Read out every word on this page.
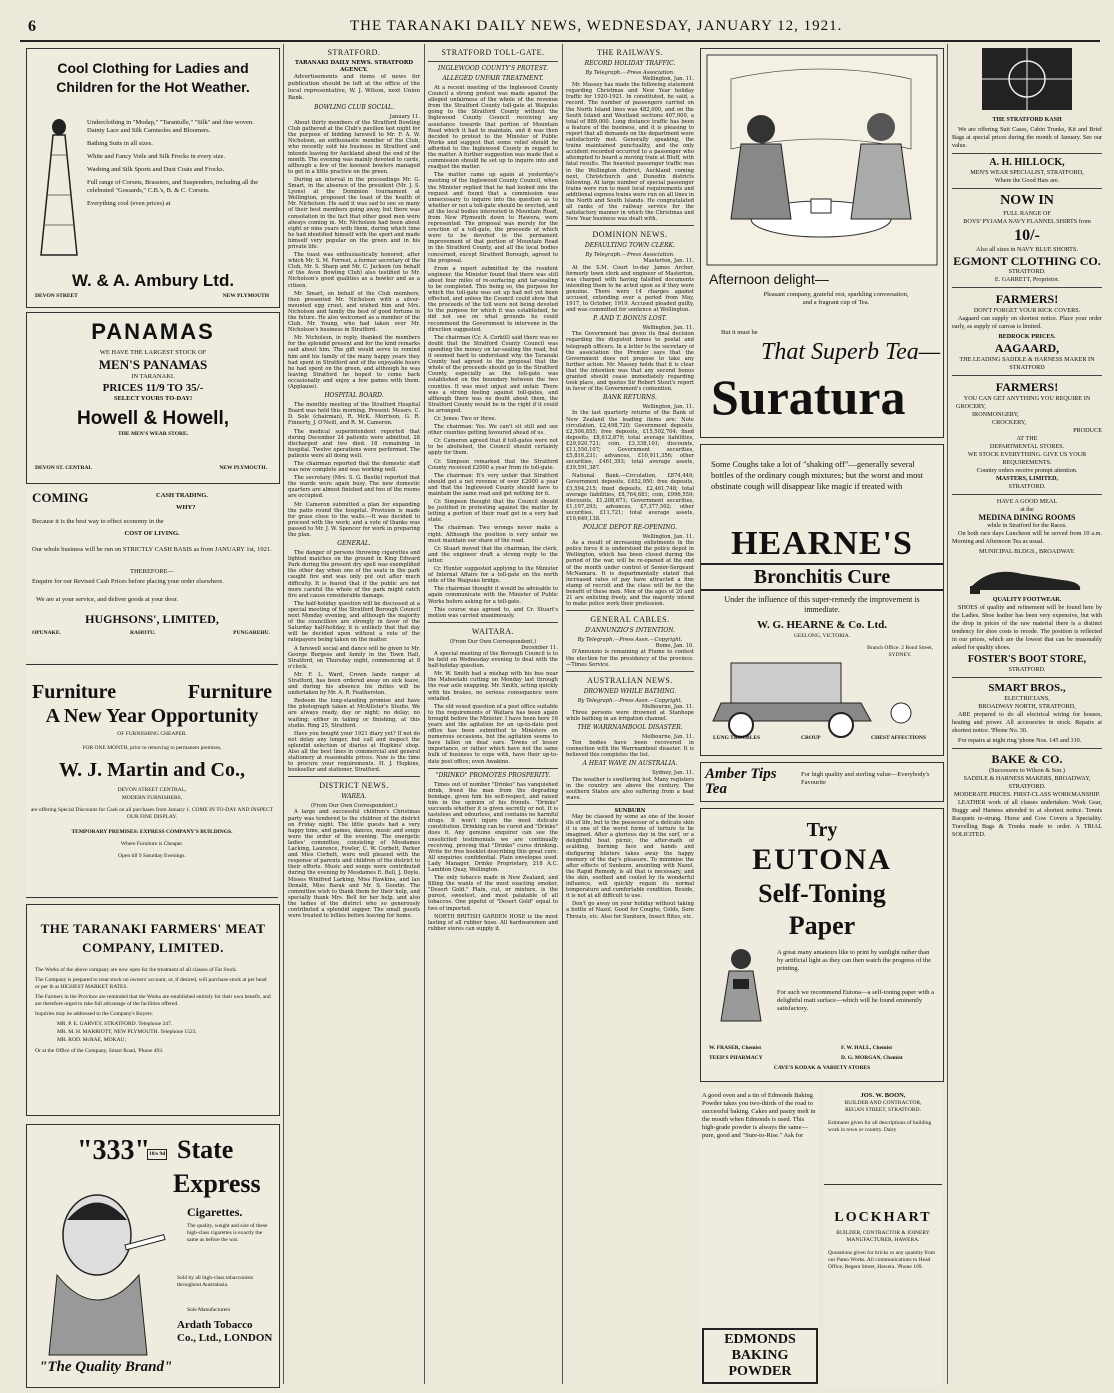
6	THE TARANAKI DAILY NEWS, WEDNESDAY, JANUARY 12, 1921.
Cool Clothing for Ladies and Children for the Hot Weather.

Underclothing in "Modap," "Tarantulle," "Silk" and fine woven. Dainty Lace and Silk Camisoles and Bloomers.

Bathing Suits in all sizes.

White and Fancy Voile and Silk Frocks in every size.

Washing and Silk Sports and Dust Coats and Frocks.

Full range of Corsets, Brassiers, and Suspenders, including all the celebrated "Gossards," C.B.'s, B. & C. Corsets.

Everything cool (even prices) at

W. & A. Ambury Ltd.
DEVON STREET	NEW PLYMOUTH
PANAMAS
WE HAVE THE LARGEST STOCK OF
MEN'S PANAMAS
IN TARANAKI.
PRICES 11/9 TO 35/-
SELECT YOURS TO-DAY!
Howell & Howell,
THE MEN'S WEAR STORE.
DEVON ST. CENTRAL	NEW PLYMOUTH.
COMING	CASH TRADING.
WHY?
Because it is the best way to effect economy in the
COST OF LIVING.
Our whole business will be run on STRICTLY CASH BASIS as from JANUARY 1st, 1921.
THEREFORE—
Enquire for our Revised Cash Prices before placing your order elsewhere.
We are at your service, and deliver goods at your door.
HUGHSONS', LIMITED,
OPUNAKE.	RAHOTU.	PUNGAREHU.
Furniture	Furniture
A New Year Opportunity
OF FURNISHING CHEAPER.
FOR ONE MONTH, prior to removing to permanent premises,
W. J. Martin and Co.,
DEVON STREET CENTRAL,
MODERN FURNISHERS,
are offering Special Discounts for Cash on all purchases from January 1. COME IN TO-DAY AND INSPECT OUR FINE DISPLAY.
TEMPORARY PREMISES: EXPRESS COMPANY'S BUILDINGS.
Where Furniture is Cheaper.
Open till 9 Saturday Evenings.
THE TARANAKI FARMERS' MEAT COMPANY, LIMITED.
The Works of the above company are now open for the treatment of all classes of Fat Stock.
The Company is prepared to treat stock on owners' account, or, if desired, will purchase stock at per head or per lb at HIGHEST MARKET RATES.
The Farmers in the Province are reminded that the Works are established entirely for their own benefit, and are therefore urged to take full advantage of the facilities offered.
Inquiries may be addressed to the Company's Buyers.
MR. P. E. GARVEY, STRATFORD. Telephone 247.
MR. M. H. MARRIOTT, NEW PLYMOUTH. Telephone 1523.
MR. ROD. McRAE, MOKAU;
Or at the Office of the Company, Smart Road, 'Phone 493.
"333"
10/s 9d State
Express
Cigarettes.
The quality, weight and size of these high-class cigarettes is exactly the same as before the war.
Sold by all high-class tobacconists throughout Australasia.
Sole Manufacturers
Ardath Tobacco Co., Ltd., LONDON
"The Quality Brand"
STRATFORD.
TARANAKI DAILY NEWS. STRATFORD AGENCY.

Advertisements and items of news for publication should be left at the office of the local representative, W. J. Wilson, next Union Bank.

BOWLING CLUB SOCIAL.
January 11.

About thirty members of the Stratford Bowling Club gathered at the Club's pavilion last night for the purpose of bidding farewell to Mr. F. A. W. Nicholson, an enthusiastic member of the Club, who recently sold his business in Stratford and intends leaving for Auckland about the end of the month. The evening was mainly devoted to cards, although a few of the keenest bowlers managed to get in a little practice on the green.

During an interval in the proceedings Mr. G. Smart, in the absence of the president (Mr. J. S. Lyons) at the Dominion tournament at Wellington, proposed the toast of the health of Mr. Nicholson. He said it was sad to see so many of their best members going away, but there was consolation in the fact that other good men were always coming in. Mr. Nicholson had been about eight or nine years with them, during which time he had identified himself with the sport and made himself very popular on the green and in his private life.

The toast was enthusiastically honored, after which Mr. S. M. Forrest, a former secretary of the Club, Mr. S. Sharp and Mr. C. Jackson (on behalf of the Avon Bowling Club) also testified to Mr. Nicholson's good qualities as a bowler and as a citizen.

Mr. Smart, on behalf of the Club members, then presented Mr. Nicholson with a silver-mounted egg cruet, and wished him and Mrs. Nicholson and family the best of good fortune in the future. He also welcomed as a member of the Club, Mr. Young, who had taken over Mr. Nicholson's business in Stratford.

Mr. Nicholson, in reply, thanked the members for the splendid present and for the kind remarks said about him. The gift would serve to remind him and his family of the many happy years they had spent in Stratford and of the enjoyable hours he had spent on the green, and although he was leaving Stratford he hoped to come back occasionally and enjoy a few games with them. (Applause).

HOSPITAL BOARD.

The monthly meeting of the Stratford Hospital Board was held this morning. Present: Messrs. C. D. Sole (chairman), R. McK. Morrison, G. R. Finnerty, J. O'Neill, and R. M. Cameron.

The medical superintendent reported that during December 24 patients were admitted, 28 discharged and two died. 18 remaining in hospital. Twelve operations were performed. The patients were all doing well.

The chairman reported that the domestic staff was now complete and was working well.

The secretary (Mrs. S. G. Beetle) reported that the wards were again busy. The new domestic quarters are almost finished and two of the rooms are occupied.

Mr. Cameron submitted a plan for expanding the patio round the hospital. Provision is made for grass close to the walls.—It was decided to proceed with the work; and a vote of thanks was passed to Mr. J. W. Spencer for work in preparing the plan.

GENERAL.

The danger of persons throwing cigarettes and lighted matches on the ground in King Edward Park during the present dry spell was exemplified the other day when one of the seats in the park caught fire and was only put out after much difficulty. It is feared that if the public are not more careful the whole of the park might catch fire and cause considerable damage.

The half-holiday question will be discussed at a special meeting of the Stratford Borough Council next Monday evening, and although the majority of the councillors are strongly in favor of the Saturday half-holiday, it is unlikely that that day will be decided upon without a vote of the ratepayers being taken on the matter.

A farewell social and dance will be given to Mr. George Burgess and family in the Town Hall, Stratford, on Thursday night, commencing at 8 o'clock.

Mr. F. L. Ward, Crown lands ranger at Stratford, has been ordered away on sick leave, and during his absence his duties will be undertaken by Mr. A. R. Featherston.

Redeem the long-standing promise and have the photograph taken at McAllister's Studio. We are always ready, day or night; no delay; no waiting; either in taking or finishing, at this studio. Ring 25, Stratford.

Have you bought your 1921 diary yet? If not do not delay any longer, but call and inspect the splendid selection of diaries at Hopkins' shop. Also all the best lines in commercial and general stationery at reasonable prices. Now is the time to procure your requirements. H. J. Hopkins, bookseller and stationer, Stratford.

DISTRICT NEWS.
WAREA.
(From Our Own Correspondent.)

A large and successful children's Christmas party was tendered to the children of the district on Friday night. The little guests had a very happy time, and games, dances, music and songs were the order of the evening. The energetic ladies' committee, consisting of Mesdames Lacking, Laurence, Fowler, C. W. Corbett, Parker and Miss Corbett, were well pleased with the response of parents and children of the district to their efforts. Music and songs were contributed during the evening by Mesdames E. Bell, J. Doyle, Misses Winifred Larking, Miss Hawkins, and Ian Donald, Miss Barak and Mr. S. Goodin. The committee wish to thank them for their help, and specially thank Mrs. Bell for her help, and also the ladies of the district who so generously contributed a splendid supper. The small guests were treated to lollies before leaving for home.

STRATFORD TOLL-GATE.
INGLEWOOD COUNTY'S PROTEST.
ALLEGED UNFAIR TREATMENT.

At a recent meeting of the Inglewood County Council a strong protest was made against the alleged unfairness of the whole of the revenue from the Stratford County toll-gate at Waipuku going to the Stratford County without the Inglewood County Council receiving any assistance towards that portion of Mountain Road which it had to maintain, and it was then decided to protest to the Minister of Public Works and suggest that some relief should be afforded to the Inglewood County in regard to the matter. A further suggestion was made that a commission should be set up to inquire into and readjust the matter.

The matter came up again at yesterday's meeting of the Inglewood County Council, when the Minister replied that he had looked into the request and found that a commission was unnecessary to inquire into the question as to whether or not a toll-gate should be erected, and all the local bodies interested in Mountain Road, from New Plymouth down to Hawera, were represented. The proposal was merely for the erection of a toll-gate, the proceeds of which were to be devoted to the permanent improvement of that portion of Mountain Road in the Stratford County, and all the local bodies concerned, except Stratford Borough, agreed to the proposal.

From a report submitted by the resident engineer, the Minister found that there was still about four miles of re-surfacing and tar-sealing to be completed. This being so, the purpose for which the toll-gate was set up had not yet been effected, and unless the Council could show that the proceeds of the toll were not being devoted to the purpose for which it was established, he did not see on what grounds he could recommend the Government to intervene in the direction suggested.

The chairman (Cr. A. Corkill) said there was no doubt that the Stratford County Council was spending the money on tar-sealing the road, but it seemed hard to understand why the Taranaki County had agreed to the proposal that the whole of the proceeds should go to the Stratford County, especially as the toll-gate was established on the boundary between the two counties. It was most unjust and unfair. There was a strong feeling against toll-gates, and although there was no doubt about them, the Stratford County would be in the right if it could be arranged.

Cr. Jones: Two or three.

The chairman: Yes. We can't sit still and see other counties getting favoured ahead of us.

Cr. Cameron agreed that if toll-gates were not to be abolished, the Council should certainly apply for them.

Cr. Simpson remarked that the Stratford County received £2000 a year from its toll-gate.

The chairman: It's very unfair that Stratford should get a net revenue of over £2000 a year and that the Inglewood County should have to maintain the same road and get nothing for it.

Cr. Simpson thought that the Council should be justified in protesting against the matter by letting a portion of their road get in a very bad state.

The chairman: Two wrongs never make a right. Although the position is very unfair we must maintain our share of the road.

Cr. Stuart moved that the chairman, the clerk, and the engineer draft a strong reply to the letter.

Cr. Hunter suggested applying to the Minister of Internal Affairs for a toll-gate on the north side of the Waipuku bridge.

The chairman thought it would be advisable to again communicate with the Minister of Public Works before asking for a toll-gate.

This course was agreed to, and Cr. Stuart's motion was carried unanimously.

WAITARA.
(From Our Own Correspondent.)
December 11.

A special meeting of the Borough Council is to be held on Wednesday evening to deal with the half-holiday question.

Mr. W. Smith had a mishap with his bus near the Mahoetahi cutting on Monday last through the rear axle snapping. Mr. Smith, acting quickly with his brakes, no serious consequence were entailed.

The old vexed question of a post office suitable to the requirements of Waitara has been again brought before the Minister. I have been here 16 years and the agitation for an up-to-date post office has been submitted to Ministers on numerous occasions, but the agitation seems to have fallen on deaf ears. Towns of lesser importance, or rather which have not the same bulk of business to cope with, have their up-to-date post office; even Awakino.

"DRINKO" PROMOTES PROSPERITY.

Times out of number "Drinko" has vanquished drink, freed the man from the degrading bondage, given him his self-respect, and raised him in the opinion of his friends. "Drinko" succeeds whether it is given secretly or not. It is tasteless and odourless, and contains no harmful drugs. It won't injure the most delicate constitution. Drinking can be cured and "Drinko" does it. Any genuine enquirer can see the unsolicited testimonials we are continually receiving, proving that "Drinko" cures drinking. Write for free booklet describing this great cure. All enquiries confidential. Plain envelopes used. Lady Manager, Drinko Proprietary, 218 A.C. Lambton Quay, Wellington.

The only tobacco made in New Zealand, and filling the wants of the most exacting smoker, "Desert Gold." Plain, cut, or mixture, is the purest, sweetest, and most palatable of all tobaccos. One pipeful of "Desert Gold" equal to two of imported.

NORTH BRITISH GARDEN HOSE is the most lasting of all rubber hose. All hardwaremen and rubber stores can supply it.

THE RAILWAYS.
RECORD HOLIDAY TRAFFIC.
By Telegraph.—Press Association.
Wellington, Jan. 11.

Mr. Massey has made the following statement regarding Christmas and New Year holiday traffic for 1920-1921. In constituted, he said, a record. The number of passengers carried on the North Island lines was 482,000, and on the South Island and Westland sections 407,000, a total of 889,000. Long distance traffic has been a feature of the business, and it is pleasing to report that all demands on the department were satisfactorily met. Generally speaking, the trains maintained punctuality, and the only accident recorded occurred to a passenger who attempted to board a moving train at Bluff, with fatal results. The heaviest passenger traffic was in the Wellington district, Auckland coming next, Christchurch and Dunedin districts following. At large number of special passenger trains were run to meet local requirements and additional express trains were run on all lines in the North and South Islands. He congratulated all ranks of the railway service for the satisfactory manner in which the Christmas and New Year business was dealt with.

DOMINION NEWS.
DEFAULTING TOWN CLERK.
By Telegraph.—Press Association.
Masterton, Jan. 11.

At the S.M. Court to-day James Archer, formerly town clerk and engineer of Masterton, was charged with having falsified documents intending them to be acted upon as if they were genuine. There were 14 charges against accused, extending over a period from May, 1917, to October, 1919. Accused pleaded guilty, and was committed for sentence at Wellington.

P. AND T. BONUS LOST.
Wellington, Jan. 11.

The Government has given its final decision regarding the disputed bonus to postal and telegraph officers. In a letter to the secretary of the association the Premier says that the Government does not propose to take any further action. Mr. Massey holds that it is clear that the intention was that any second bonus granted should cease immediately regarding took place, and quotes Sir Robert Stout's report in favor of the Government's contention.

BANK RETURNS.
Wellington, Jan. 11.

In the last quarterly returns of the Bank of New Zealand the leading items are: Note circulation, £2,498,720; Government deposits, £2,506,855; free deposits, £15,502,704; fixed deposits, £8,612,879; total average liabilities, £29,920,721; coin, £3,338,101; discounts, £11,550,107; Government securities, £5,816,231; advances, £10,911,356; other securities, £461,393; total average assets, £39,591,387.

National Bank.—Circulation, £874,449; Government deposits, £452,950; free deposits, £3,594,215; fixed deposits, £2,461,748; total average liabilities, £8,764,681; coin, £996,559; discounts, £1,208,671; Government securities, £1,197,293; advances, £7,377,502; other securities, £11,721; total average assets, £10,649,138.

POLICE DEPOT RE-OPENING.
Wellington, Jan. 11.

As a result of increasing enlistments in the police force it is understood the police depot in Wellington, which has been closed during the period of the war, will be re-opened at the end of the month under control of Senior-Sergeant McNamara. It is departmentally stated that increased rates of pay have attracted a fine stamp of recruit and the class will be for the benefit of these men. Men of the ages of 20 and 21 are enlisting freely, and the majority intend to make police work their profession.

GENERAL CABLES.
D'ANNUNZIO'S INTENTION.
By Telegraph.—Press Assn.—Copyright.
Rome, Jan. 10.

D'Annunzio is remaining at Fiume to contest the election for the presidency of the province.—Times Service.

AUSTRALIAN NEWS.
DROWNED WHILE BATHING.
By Telegraph.—Press Assn.—Copyright.
Melbourne, Jan. 11.

Three persons were drowned at Stanhope while bathing in an irrigation channel.

THE WARRNAMBOOL DISASTER.
Melbourne, Jan. 11.

Ten bodies have been recovered in connection with the Warrnambool disaster. It is believed this completes the list.

A HEAT WAVE IN AUSTRALIA.
Sydney, Jan. 11.

The weather is sweltering hot. Many registers in the country are above the century. The southern States are also suffering from a heat wave.

SUNBURN

May be classed by some as one of the lesser ills of life, but to the possessor of a delicate skin it is one of the worst forms of torture to be imagined. After a glorious day in the surf, or a delightful boat picnic, the after-math of scalding, burning face and hands and disfiguring blisters takes away the happy memory of the day's pleasure. To minimise the after effects of Sunburn, anointing with Nazol, the Rapid Remedy, is all that is necessary, and the skin, soothed and cooled by its wonderful influence, will quickly regain its normal temperature and comfortable condition. Beside, it is not at all difficult to use.

Don't go away on your holiday without taking a bottle of Nazol. Good for Coughs, Colds, Sore Throats, etc. Also for Sunburn, Insect Bites, etc.

Afternoon delight—
Pleasant company, grateful rest, sparkling conversation, and a fragrant cup of Tea.
But it must be
That Superb Tea—
Suratura
Some Coughs take a lot of "shaking off"—generally several bottles of the ordinary cough mixtures; but the worst and most obstinate cough will disappear like magic if treated with
HEARNE'S
Bronchitis Cure
Under the influence of this super-remedy the improvement is immediate.
W. G. HEARNE & Co. Ltd.
GEELONG, VICTORIA.
Branch Office: 2 Bond Street, SYDNEY.
LUNG TROUBLES	CROUP	CHEST AFFECTIONS
Amber Tips Tea
For high quality and sterling value—Everybody's Favourite
Try
EUTONA
Self-Toning
Paper
A great many amateurs like to print by sunlight rather than by artificial light as they can then watch the progress of the printing.
For such we recommend Eutona—a self-toning paper with a delightful matt surface—which will be found eminently satisfactory.
W. FRASER, Chemist	F. W. HALL, Chemist
TEED'S PHARMACY	D. G. MORGAN, Chemist
CAVE'S KODAK & VARIETY STORES
A good oven and a tin of Edmonds Baking Powder takes you two-thirds of the road to successful baking. Cakes and pastry melt in the mouth when Edmonds is used. This high-grade powder is always the same—pure, good and "Sure-to-Rise." Ask for
EDMONDS BAKING POWDER
JOS. W. BOON,
BUILDER AND CONTRACTOR,
REGAN STREET, STRATFORD.
Estimates given for all descriptions of building work in town or country. Dairy
LOCKHART
BUILDER, CONTRACTOR & JOINERY MANUFACTURER, HAWERA.
Quotations given for bricks or any quantity from our Pateo Works. All communications to Head Office, Regent Street, Hawera. 'Phone 109.
THE STRATFORD KASH

We are offering Suit Cases, Cabin Trunks, Kit and Brief Bags at special prices during the month of January. See our value.

A. H. HILLOCK,
MEN'S WEAR SPECIALIST, STRATFORD,
Where the Good Hats are.
NOW IN
FULL RANGE OF
BOYS' PYJAMA NAVY FLANNEL SHIRTS from
10/-
Also all sizes in NAVY BLUE SHORTS.
EGMONT CLOTHING CO.
STRATFORD.
E. GARRETT, Proprietor.
FARMERS!
DON'T FORGET YOUR RICK COVERS.

Aagaard can supply on shortest notice. Place your order early, as supply of canvas is limited.

BEDROCK PRICES.
AAGAARD,
THE LEADING SADDLE & HARNESS MAKER IN STRATFORD
FARMERS!
YOU CAN GET ANYTHING YOU REQUIRE IN
GROCERY,
IRONMONGERY,
CROCKERY,
PRODUCE
AT THE
DEPARTMENTAL STORES.
WE STOCK EVERYTHING. GIVE US YOUR REQUIREMENTS.
Country orders receive prompt attention.
MASTERS, LIMITED,
STRATFORD.
HAVE A GOOD MEAL
at the
MEDINA DINING ROOMS
while in Stratford for the Races.

On both race days Luncheon will be served from 10 a.m. Morning and Afternoon Tea as usual.

MUNICIPAL BLDGS., BROADWAY.
QUALITY FOOTWEAR.

SHOES of quality and refinement will be found here by the Ladies. Shoe leather has been very expensive, but with the drop in prices of the raw material there is a distinct tendency for shoe costs to recede. The position is reflected in our prices, which are the lowest that can be reasonably asked for quality shoes.

FOSTER'S BOOT STORE,
STRATFORD.
SMART BROS.,
ELECTRICIANS,
BROADWAY NORTH, STRATFORD,

ARE prepared to do all electrical wiring for houses, heating and power. All accessories in stock. Repairs at shortest notice. 'Phone No. 30.

For repairs at night ring 'phone Nos. 145 and 310.

BAKE & CO.
(Successors to Wilson & Son.)
SADDLE & HARNESS MAKERS, BROADWAY, STRATFORD.
MODERATE PRICES. FIRST-CLASS WORKMANSHIP.

LEATHER work of all classes undertaken. Work Gear, Buggy and Harness attended to at shortest notice. Tennis Racquets re-strung. Horse and Cow Covers a Speciality. Travelling Bags & Trunks made to order. A TRIAL SOLICITED.
